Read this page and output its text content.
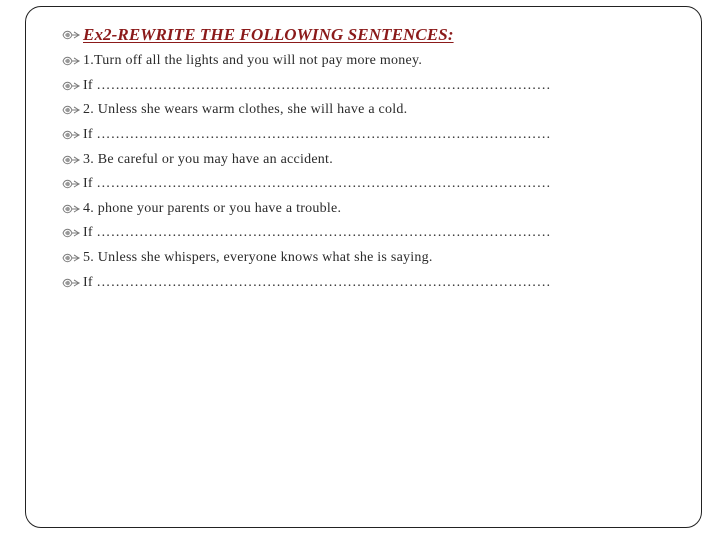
Ex2-REWRITE THE FOLLOWING SENTENCES:
1.Turn off all the lights and you will not pay more money.
If ……………………………………………………………………………………
2. Unless she wears warm clothes, she will have a cold.
If ……………………………………………………………………………………
3. Be careful or you may have an accident.
If ……………………………………………………………………………………
4. phone your parents or you have a trouble.
If ……………………………………………………………………………………
5. Unless she whispers, everyone knows what she is saying.
If ……………………………………………………………………………………
